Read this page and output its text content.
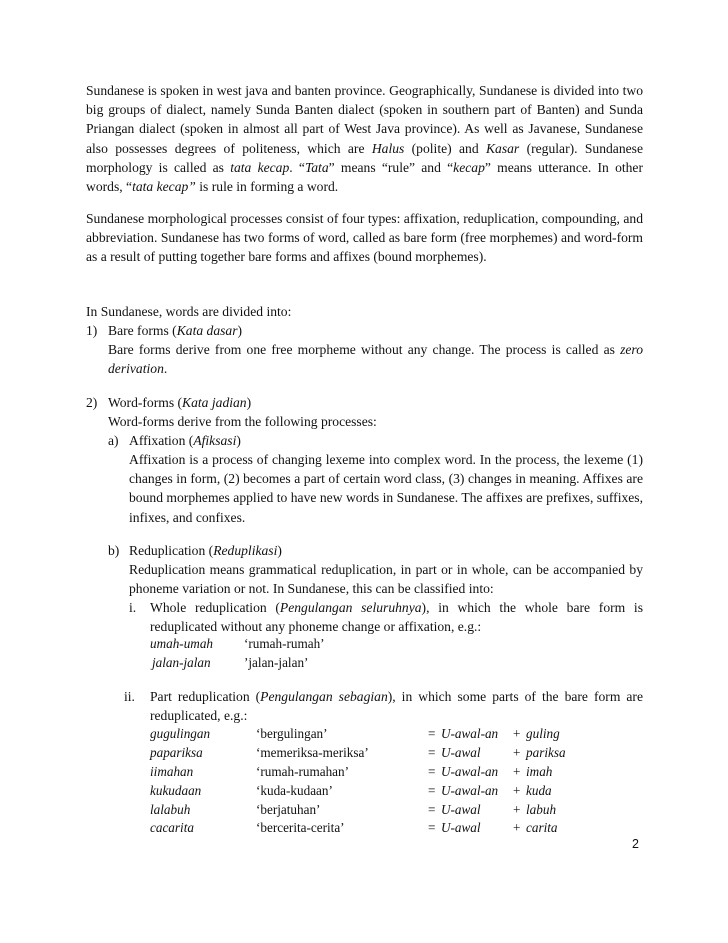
Sundanese is spoken in west java and banten province. Geographically, Sundanese is divided into two big groups of dialect, namely Sunda Banten dialect (spoken in southern part of Banten) and Sunda Priangan dialect (spoken in almost all part of West Java province). As well as Javanese, Sundanese also possesses degrees of politeness, which are Halus (polite) and Kasar (regular). Sundanese morphology is called as tata kecap. “Tata” means “rule” and “kecap” means utterance. In other words, “tata kecap” is rule in forming a word.

Sundanese morphological processes consist of four types: affixation, reduplication, compounding, and abbreviation. Sundanese has two forms of word, called as bare form (free morphemes) and word-form as a result of putting together bare forms and affixes (bound morphemes).

In Sundanese, words are divided into:

1) Bare forms (Kata dasar)

Bare forms derive from one free morpheme without any change. The process is called as zero derivation.

2) Word-forms (Kata jadian)

Word-forms derive from the following processes:

a) Affixation (Afiksasi)

Affixation is a process of changing lexeme into complex word. In the process, the lexeme (1) changes in form, (2) becomes a part of certain word class, (3) changes in meaning. Affixes are bound morphemes applied to have new words in Sundanese. The affixes are prefixes, suffixes, infixes, and confixes.

b) Reduplication (Reduplikasi)

Reduplication means grammatical reduplication, in part or in whole, can be accompanied by phoneme variation or not. In Sundanese, this can be classified into:

i. Whole reduplication (Pengulangan seluruhnya), in which the whole bare form is reduplicated without any phoneme change or affixation, e.g.:

umah-umah ‘rumah-rumah’
jalan-jalan	’jalan-jalan’

ii. Part reduplication (Pengulangan sebagian), in which some parts of the bare form are reduplicated, e.g.:

gugulingan	‘bergulingan’	= U-awal-an + guling
papariksa	‘memeriksa-meriksa’	= U-awal + pariksa
iimahan	‘rumah-rumahan’	= U-awal-an + imah
kukudaan	‘kuda-kudaan’	= U-awal-an + kuda
lalabuh	‘berjatuhan’	= U-awal + labuh
cacarita	‘bercerita-cerita’	= U-awal + carita
2
